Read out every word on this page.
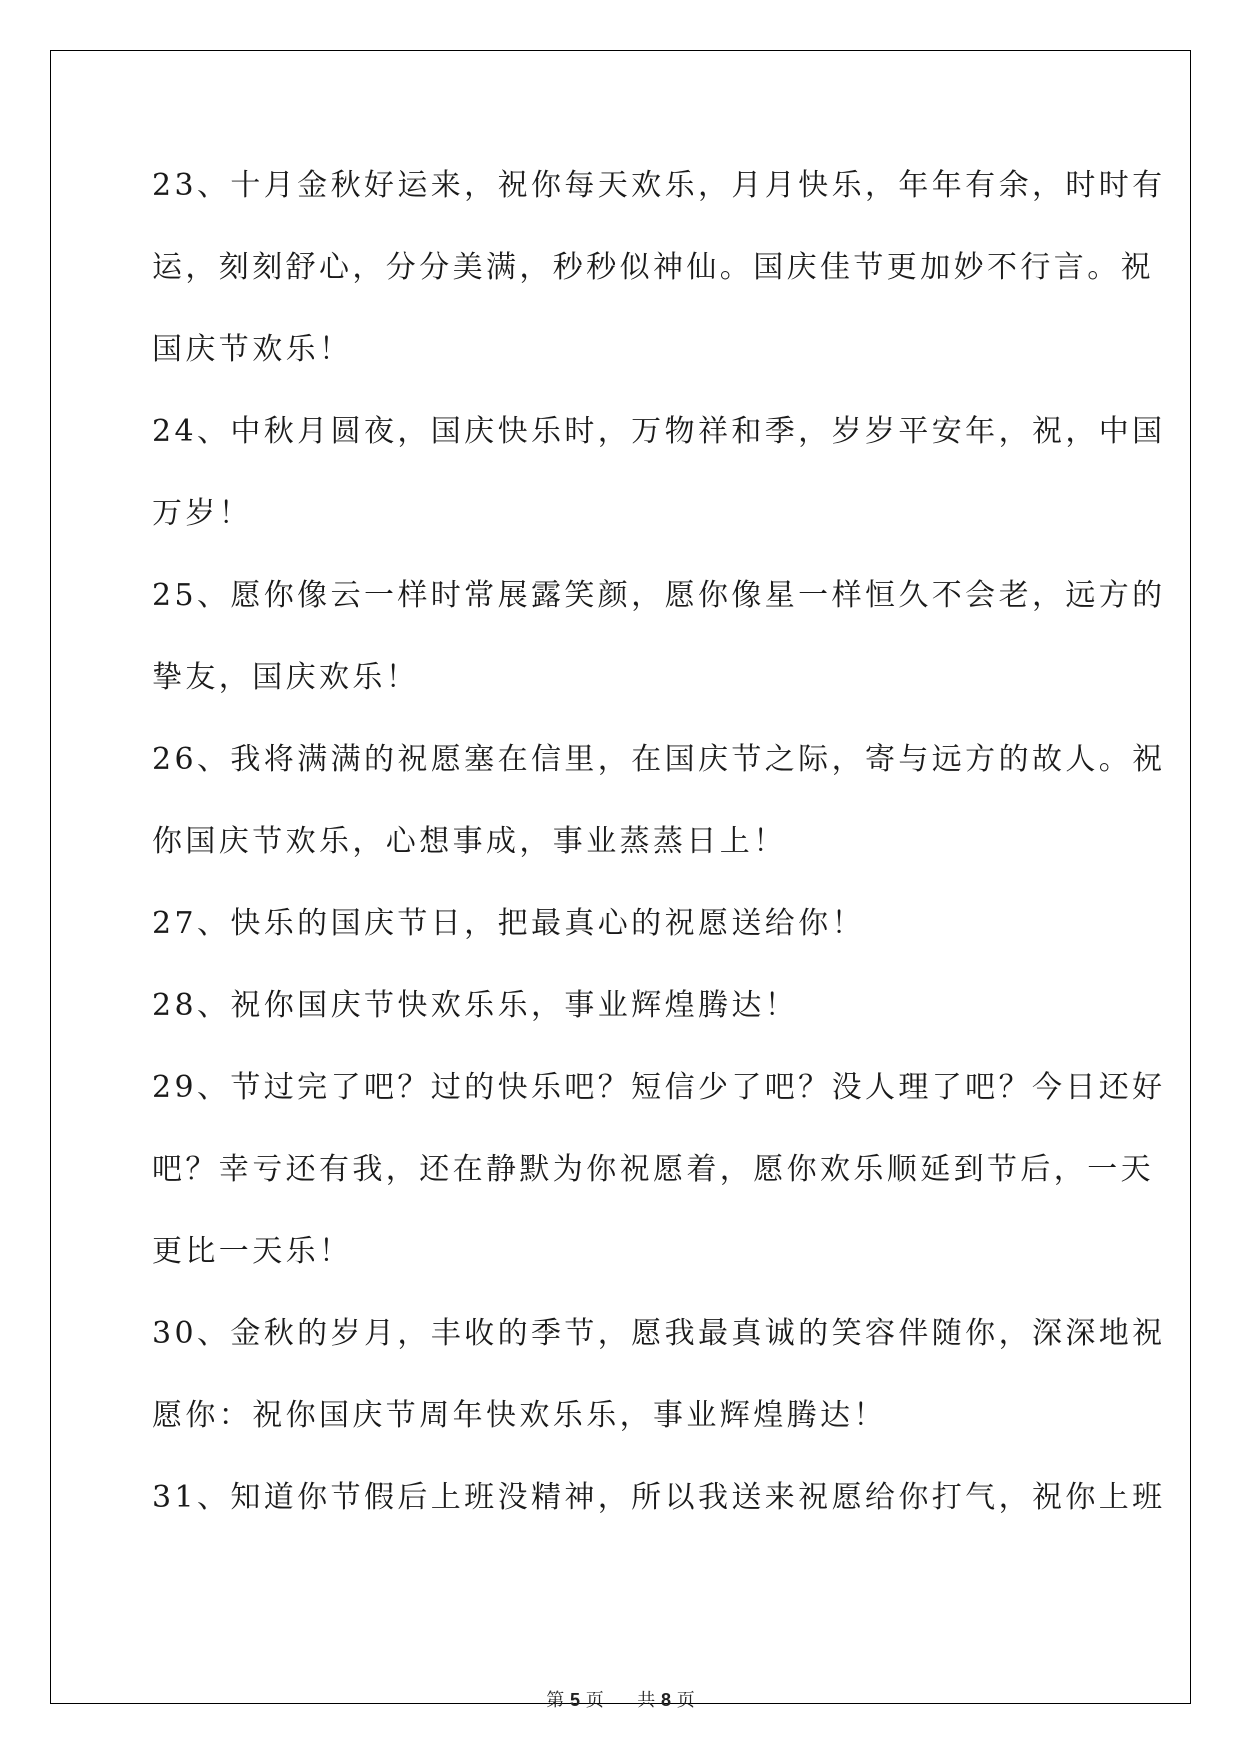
23、十月金秋好运来，祝你每天欢乐，月月快乐，年年有余，时时有
运，刻刻舒心，分分美满，秒秒似神仙。国庆佳节更加妙不行言。祝
国庆节欢乐！
24、中秋月圆夜，国庆快乐时，万物祥和季，岁岁平安年，祝，中国
万岁！
25、愿你像云一样时常展露笑颜，愿你像星一样恒久不会老，远方的
挚友，国庆欢乐！
26、我将满满的祝愿塞在信里，在国庆节之际，寄与远方的故人。祝
你国庆节欢乐，心想事成，事业蒸蒸日上！
27、快乐的国庆节日，把最真心的祝愿送给你！
28、祝你国庆节快欢乐乐，事业辉煌腾达！
29、节过完了吧？过的快乐吧？短信少了吧？没人理了吧？今日还好
吧？幸亏还有我，还在静默为你祝愿着，愿你欢乐顺延到节后，一天
更比一天乐！
30、金秋的岁月，丰收的季节，愿我最真诚的笑容伴随你，深深地祝
愿你：祝你国庆节周年快欢乐乐，事业辉煌腾达！
31、知道你节假后上班没精神，所以我送来祝愿给你打气，祝你上班
第 5 页 共 8 页
